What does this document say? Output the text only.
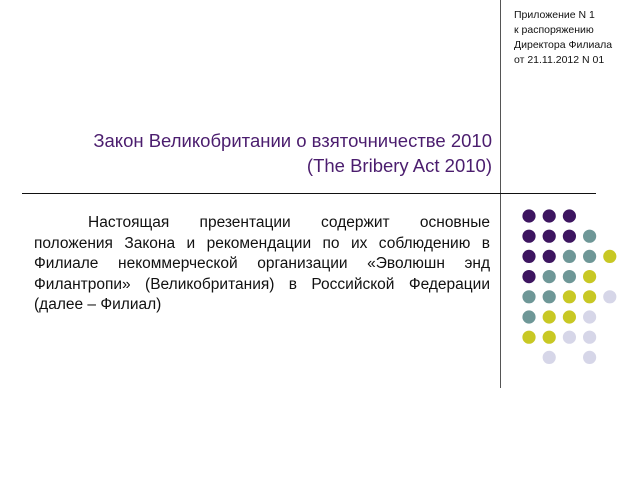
Приложение N 1
к распоряжению
Директора Филиала
от 21.11.2012 N 01
Закон Великобритании о взяточничестве 2010
(The Bribery Act 2010)
Настоящая презентации содержит основные положения Закона и рекомендации по их соблюдению в Филиале некоммерческой организации «Эволюшн энд Филантропи» (Великобритания) в Российской Федерации (далее – Филиал)
